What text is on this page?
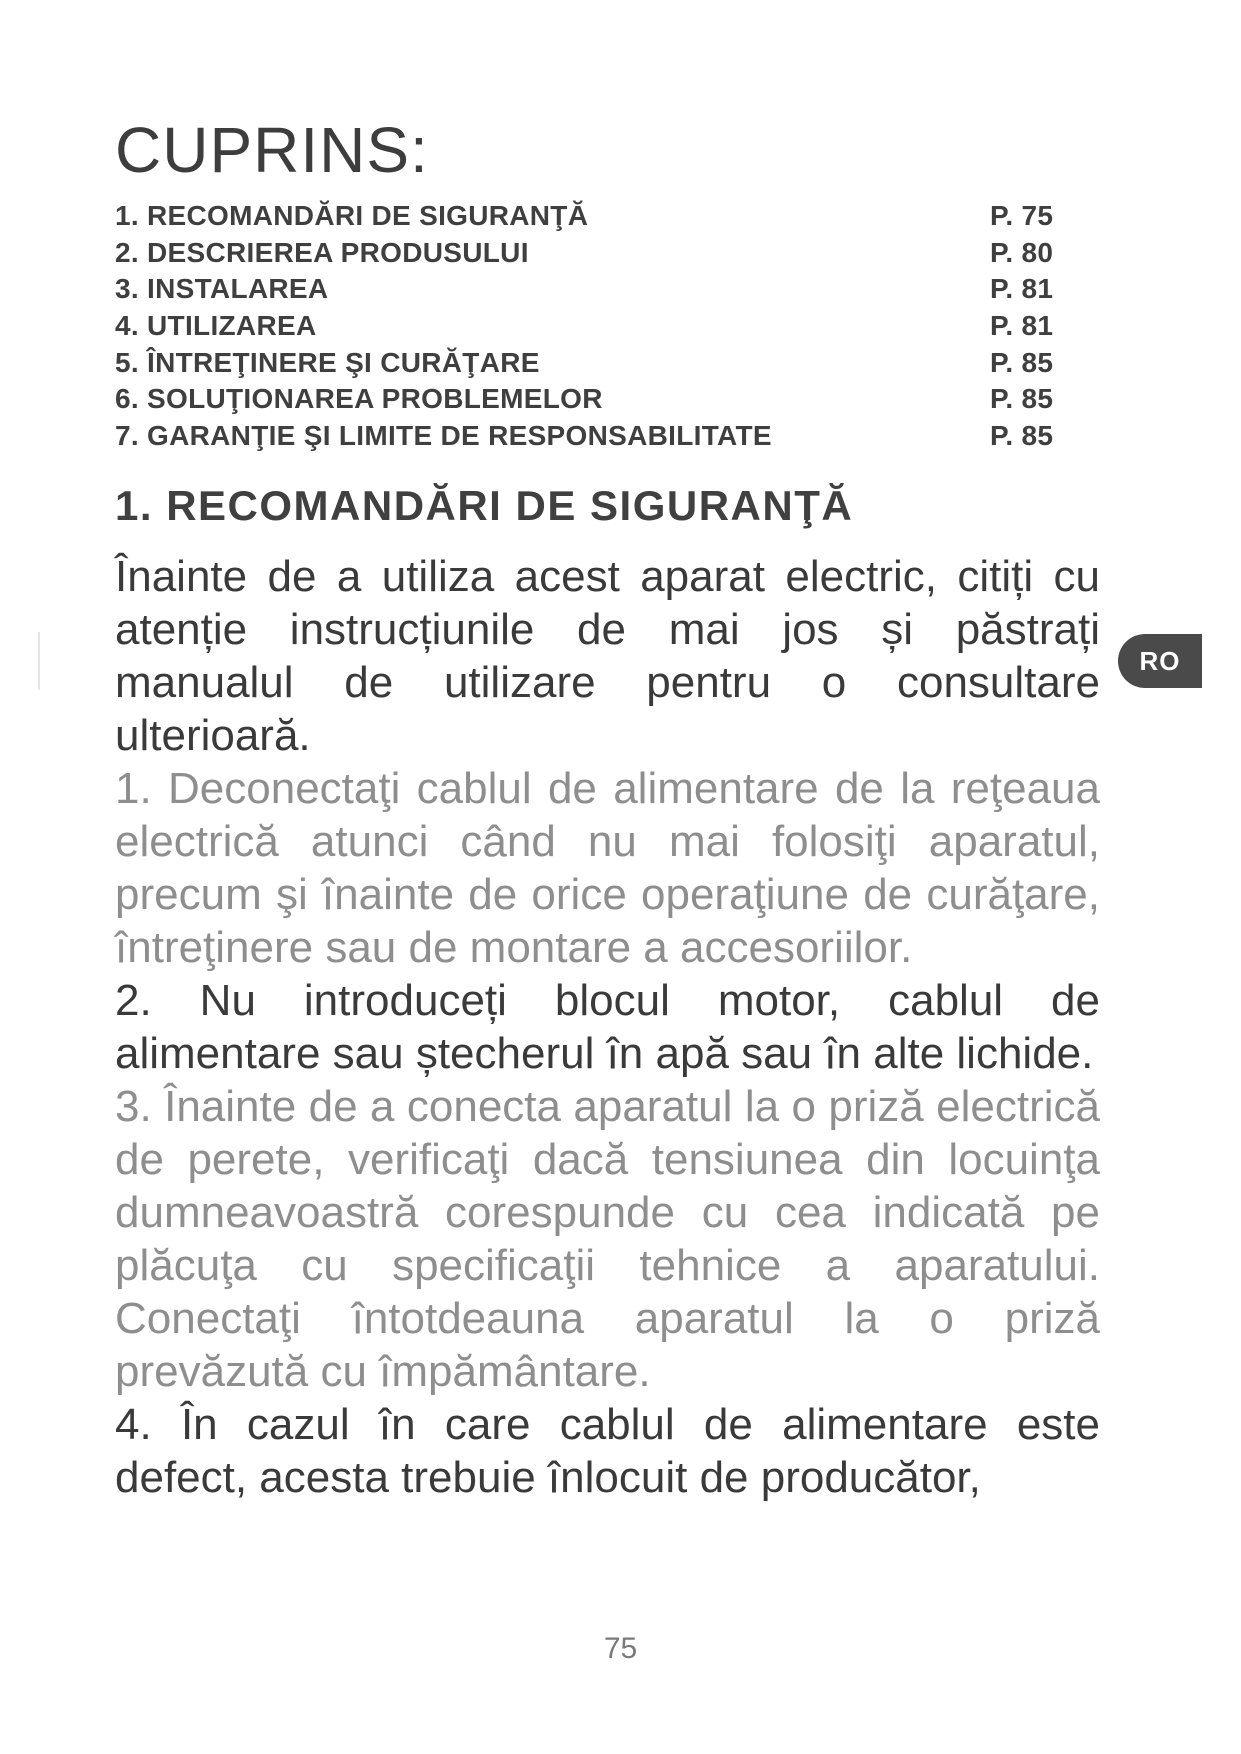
CUPRINS:
1. RECOMANDĂRI DE SIGURANŢĂ	P. 75
2. DESCRIEREA PRODUSULUI	P. 80
3. INSTALAREA	P. 81
4. UTILIZAREA	P. 81
5. ÎNTREŢINERE ŞI CURĂŢARE	P. 85
6. SOLUŢIONAREA PROBLEMELOR	P. 85
7. GARANŢIE ŞI LIMITE DE RESPONSABILITATE	P. 85
1. RECOMANDĂRI DE SIGURANŢĂ

Înainte de a utiliza acest aparat electric, citiți cu atenție instrucțiunile de mai jos și păstrați manualul de utilizare pentru o consultare ulterioară.

1. Deconectaţi cablul de alimentare de la reţeaua electrică atunci când nu mai folosiţi aparatul, precum şi înainte de orice operaţiune de curăţare, întreţinere sau de montare a accesoriilor.

2. Nu introduceți blocul motor, cablul de alimentare sau ștecherul în apă sau în alte lichide.

3. Înainte de a conecta aparatul la o priză electrică de perete, verificaţi dacă tensiunea din locuinţa dumneavoastră corespunde cu cea indicată pe plăcuţa cu specificaţii tehnice a aparatului. Conectaţi întotdeauna aparatul la o priză prevăzută cu împământare.

4. În cazul în care cablul de alimentare este defect, acesta trebuie înlocuit de producător,

RO
75
